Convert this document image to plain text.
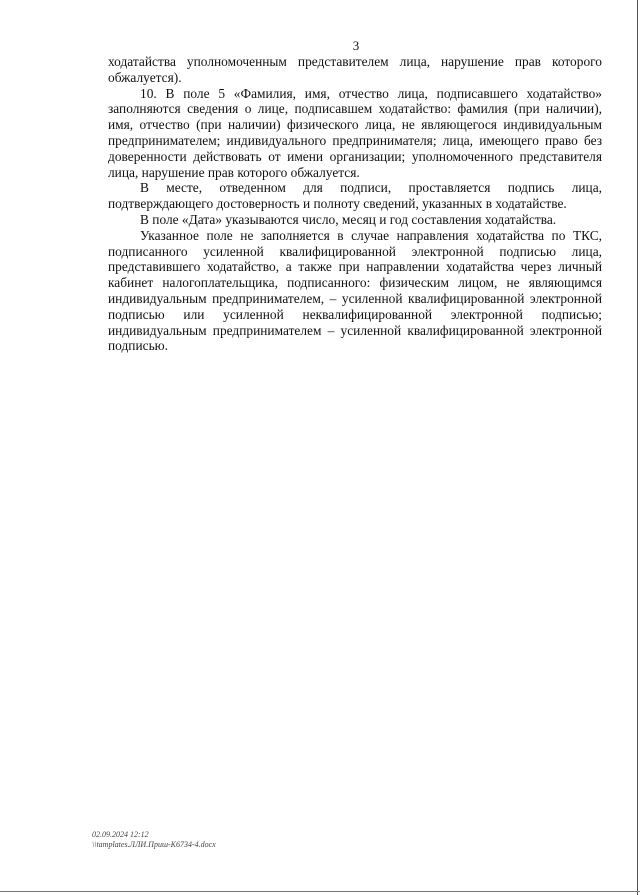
3

ходатайства уполномоченным представителем лица, нарушение прав которого обжалуется).

10. В поле 5 «Фамилия, имя, отчество лица, подписавшего ходатайство» заполняются сведения о лице, подписавшем ходатайство: фамилия (при наличии), имя, отчество (при наличии) физического лица, не являющегося индивидуальным предпринимателем; индивидуального предпринимателя; лица, имеющего право без доверенности действовать от имени организации; уполномоченного представителя лица, нарушение прав которого обжалуется.

В месте, отведенном для подписи, проставляется подпись лица, подтверждающего достоверность и полноту сведений, указанных в ходатайстве.

В поле «Дата» указываются число, месяц и год составления ходатайства.

Указанное поле не заполняется в случае направления ходатайства по ТКС, подписанного усиленной квалифицированной электронной подписью лица, представившего ходатайство, а также при направлении ходатайства через личный кабинет налогоплательщика, подписанного: физическим лицом, не являющимся индивидуальным предпринимателем, – усиленной квалифицированной электронной подписью или усиленной неквалифицированной электронной подписью; индивидуальным предпринимателем – усиленной квалифицированной электронной подписью.

02.09.2024 12:12
\\tamplates.ЛЛИ.Приш-К6734-4.docx
